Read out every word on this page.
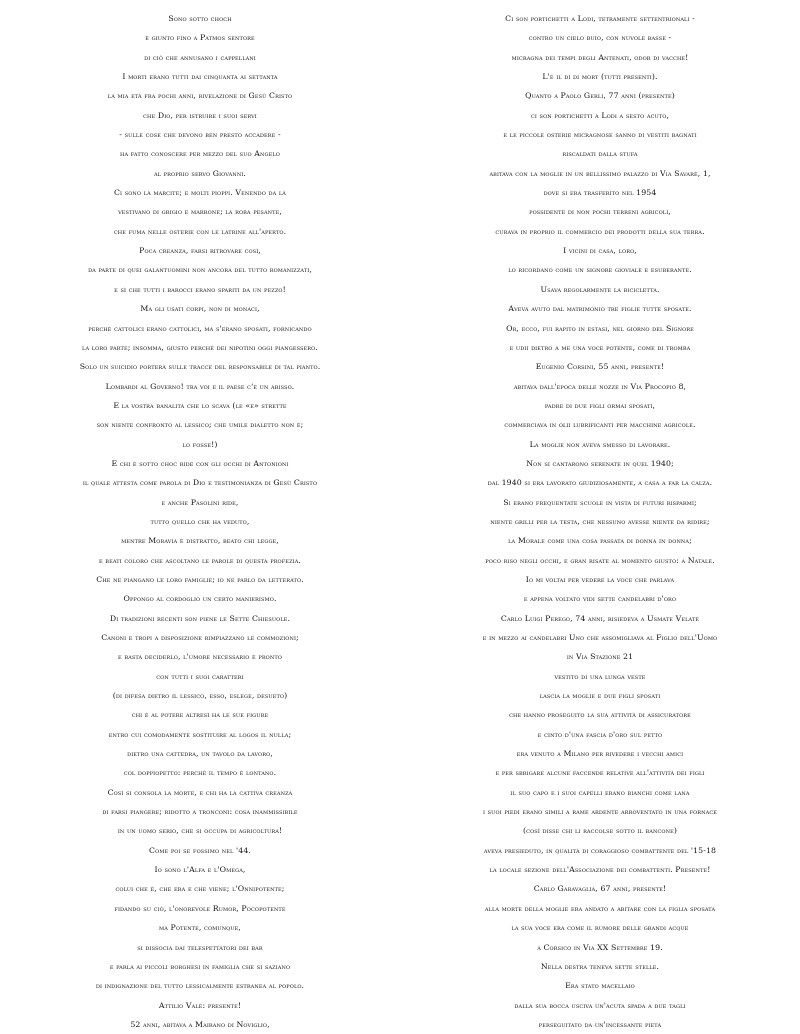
Sono sotto choch
è giunto fino a Patmos sentore
di ciò che annusano i cappellani
I morti erano tutti dai cinquanta ai settanta
la mia età fra pochi anni, rivelazione di Gesù Cristo
che Dio, per istruire i suoi servi
- sulle cose che devono ben presto accadere -
ha fatto conoscere per mezzo del suo Angelo
al proprio servo Giovanni.
Ci sono là marcite; e molti pioppi. Venendo da là
vestivano di grigio e marrone; la roba pesante,
che fuma nelle osterie con le latrine all'aperto.
Poca creanza, farsi ritrovare così,
da parte di quei galantuomini non ancora del tutto romanizzati,
e sì che tutti i barocci erano spariti da un pezzo!
Ma gli usati corpi, non di monaci,
perché cattolici erano cattolici, ma s'erano sposati, fornicando
la loro parte; insomma, giusto perché dei nipotini oggi piangessero.
Solo un suicidio porterà sulle tracce del responsabile di tal pianto.
Lombardi al Governo! tra voi e il paese c'è un abisso.
E la vostra banalità che lo scava (le «e» strette
son niente confronto al lessico; che umile dialetto non è;
lo fosse!)
E chi è sotto choc ride con gli occhi di Antonioni
il quale attesta come parola di Dio e testimonianza di Gesù Cristo
e anche Pasolini ride,
tutto quello che ha veduto,
mentre Moravia è distratto, beato chi legge,
e beati coloro che ascoltano le parole di questa profezia.
Che ne piangano le loro famiglie; io ne parlo da letterato.
Oppongo al cordoglio un certo manierismo.
Di tradizioni recenti son piene le Sette Chiesuole.
Canoni e tropi a disposizione rimpiazzano le commozioni;
e basta deciderlo, l'umore necessario è pronto
con tutti i suoi caratteri
(di difesa dietro il lessico, esso, eslege, desueto)
chi è al potere altresì ha le sue figure
entro cui comodamente sostituire al logos il nulla;
dietro una cattedra, un tavolo da lavoro,
col doppiopetto: perché il tempo è lontano.
Così si consola la morte, e chi ha la cattiva creanza
di farsi piangere; ridotto a tronconi: cosa inammissibile
in un uomo serio, che si occupa di agricoltura!
Come poi se fossimo nel '44.
Io sono l'Alfa e l'Omega,
colui che è, che era e che viene; l'Onnipotente;
fidando su ciò, l'onorevole Rumor, Pocopotente
ma Potente, comunque,
si dissocia dai telespettatori dei bar
e parla ai piccoli borghesi in famiglia che si saziano
di indignazione del tutto lessicalmente estranea al popolo.
Attilio Valè: presente!
52 anni, abitava a Mairano di Noviglio,
Ci son portichetti a Lodi, tetramente settentrionali -
contro un cielo buio, con nuvole basse -
micragna dei tempi degli Antenati, odor di vacche!
L'è il dì di mort (tutti presenti).
Quanto a Paolo Gerli, 77 anni (presente)
ci son portichetti a Lodi a sesto acuto,
e le piccole osterie micragnose sanno di vestiti bagnati
riscaldati dalla stufa
abitava con la moglie in un bellissimo palazzo di Via Savarè, 1,
dove si era trasferito nel 1954
possidente di non pochi terreni agricoli,
curava in proprio il commercio dei prodotti della sua terra.
I vicini di casa, loro,
lo ricordano come un signore gioviale e esuberante.
Usava regolarmente la bicicletta.
Aveva avuto dal matrimonio tre figlie tutte sposate.
Or, ecco, fui rapito in estasi, nel giorno del Signore
e udii dietro a me una voce potente, come di tromba
Eugenio Corsini, 55 anni, presente!
abitava dall'epoca delle nozze in Via Procopio 8,
padre di due figli ormai sposati,
commerciava in olii lubrificanti per macchine agricole.
La moglie non aveva smesso di lavorare.
Non si cantarono serenate in quel 1940;
dal 1940 si era lavorato giudiziosamente, a casa a far la calza.
Si erano frequentate scuole in vista di futuri risparmi;
niente grilli per la testa, che nessuno avesse niente da ridire;
la Morale come una cosa passata di donna in donna;
poco riso negli occhi, e gran risate al momento giusto: a Natale.
Io mi voltai per vedere la voce che parlava
e appena voltato vidi sette candelabri d'oro
Carlo Luigi Perego, 74 anni, risiedeva a Usmate Velate
e in mezzo ai candelabri Uno che assomigliava al Figlio dell'Uomo
in Via Stazione 21
vestito di una lunga veste
lascia la moglie e due figli sposati
che hanno proseguito la sua attività di assicuratore
e cinto d'una fascia d'oro sul petto
era venuto a Milano per rivedere i vecchi amici
e per sbrigare alcune faccende relative all'attività dei figli
il suo capo e i suoi capelli erano bianchi come lana
i suoi piedi erano simili a rame ardente arroventato in una fornace
(così disse chi li raccolse sotto il bancone)
aveva presieduto, in qualità di coraggioso combattente del '15-18
la locale sezione dell'Associazione dei combattenti. Presente!
Carlo Garavaglia, 67 anni, presente!
alla morte della moglie era andato a abitare con la figlia sposata
la sua voce era come il rumore delle grandi acque
a Corsico in Via XX Settembre 19.
Nella destra teneva sette stelle.
Era stato macellaio
dalla sua bocca usciva un'acuta spada a due tagli
perseguitato da un'incessante pietà
